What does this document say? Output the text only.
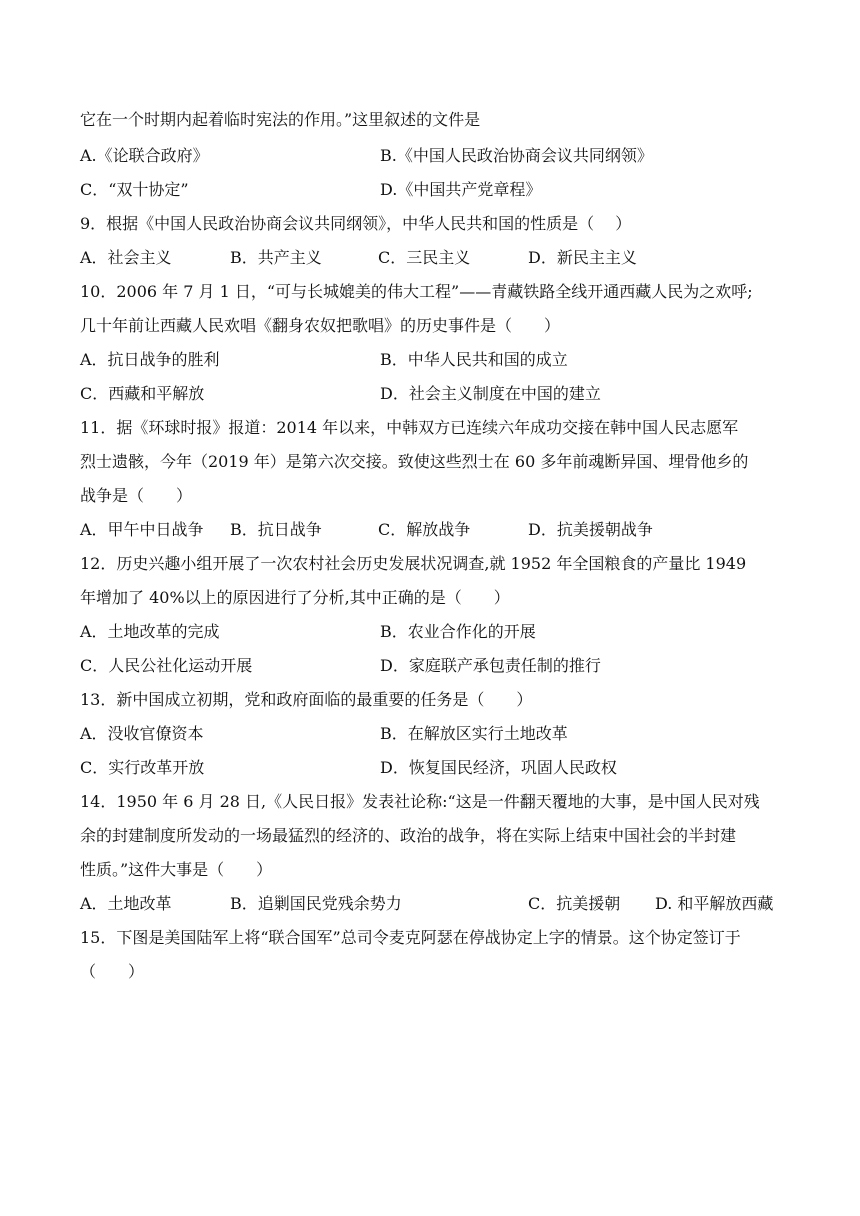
它在一个时期内起着临时宪法的作用。”这里叙述的文件是
A.《论联合政府》	B.《中国人民政治协商会议共同纲领》
C．“双十协定”	D.《中国共产党章程》
9．根据《中国人民政治协商会议共同纲领》，中华人民共和国的性质是（　 ）
A．社会主义	B．共产主义	C．三民主义	D．新民主主义
10．2006 年 7 月 1 日，“可与长城媲美的伟大工程”——青藏铁路全线开通西藏人民为之欢呼;
几十年前让西藏人民欢唱《翻身农奴把歌唱》的历史事件是（　　）
A．抗日战争的胜利	B．中华人民共和国的成立
C．西藏和平解放	D．社会主义制度在中国的建立
11．据《环球时报》报道：2014 年以来，中韩双方已连续六年成功交接在韩中国人民志愿军
烈士遗骸，今年（2019 年）是第六次交接。致使这些烈士在 60 多年前魂断异国、埋骨他乡的
战争是（　　）
A．甲午中日战争 B．抗日战争	C．解放战争	D．抗美援朝战争
12．历史兴趣小组开展了一次农村社会历史发展状况调查,就 1952 年全国粮食的产量比 1949
年增加了 40%以上的原因进行了分析,其中正确的是（　　）
A．土地改革的完成	B．农业合作化的开展
C．人民公社化运动开展	D．家庭联产承包责任制的推行
13．新中国成立初期，党和政府面临的最重要的任务是（　　）
A．没收官僚资本	B．在解放区实行土地改革
C．实行改革开放	D．恢复国民经济，巩固人民政权
14．1950 年 6 月 28 日,《人民日报》发表社论称:“这是一件翻天覆地的大事，是中国人民对残
余的封建制度所发动的一场最猛烈的经济的、政治的战争，将在实际上结束中国社会的半封建
性质。”这件大事是（　　）
A．土地改革	B．追剿国民党残余势力	C．抗美援朝 D. 和平解放西藏
15．下图是美国陆军上将“联合国军”总司令麦克阿瑟在停战协定上字的情景。这个协定签订于
（　　）
